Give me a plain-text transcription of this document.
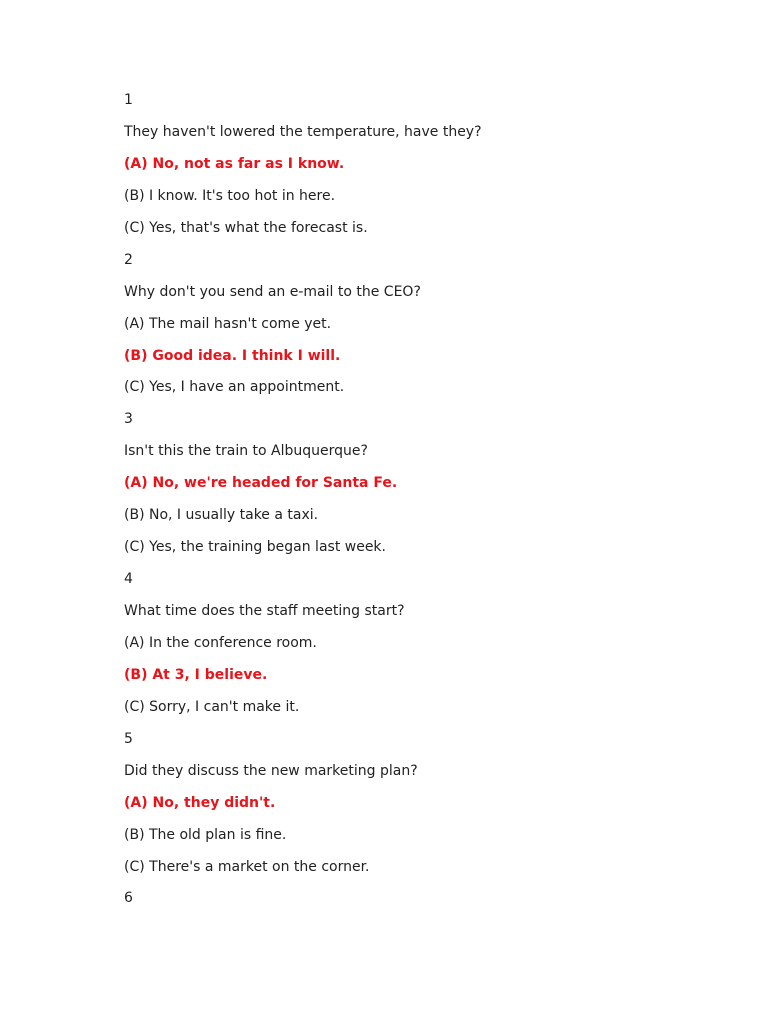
1
They haven't lowered the temperature, have they?
(A) No, not as far as I know.
(B) I know. It's too hot in here.
(C) Yes, that's what the forecast is.
2
Why don't you send an e-mail to the CEO?
(A) The mail hasn't come yet.
(B) Good idea. I think I will.
(C) Yes, I have an appointment.
3
Isn't this the train to Albuquerque?
(A) No, we're headed for Santa Fe.
(B) No, I usually take a taxi.
(C) Yes, the training began last week.
4
What time does the staff meeting start?
(A) In the conference room.
(B) At 3, I believe.
(C) Sorry, I can't make it.
5
Did they discuss the new marketing plan?
(A) No, they didn't.
(B) The old plan is fine.
(C) There's a market on the corner.
6
